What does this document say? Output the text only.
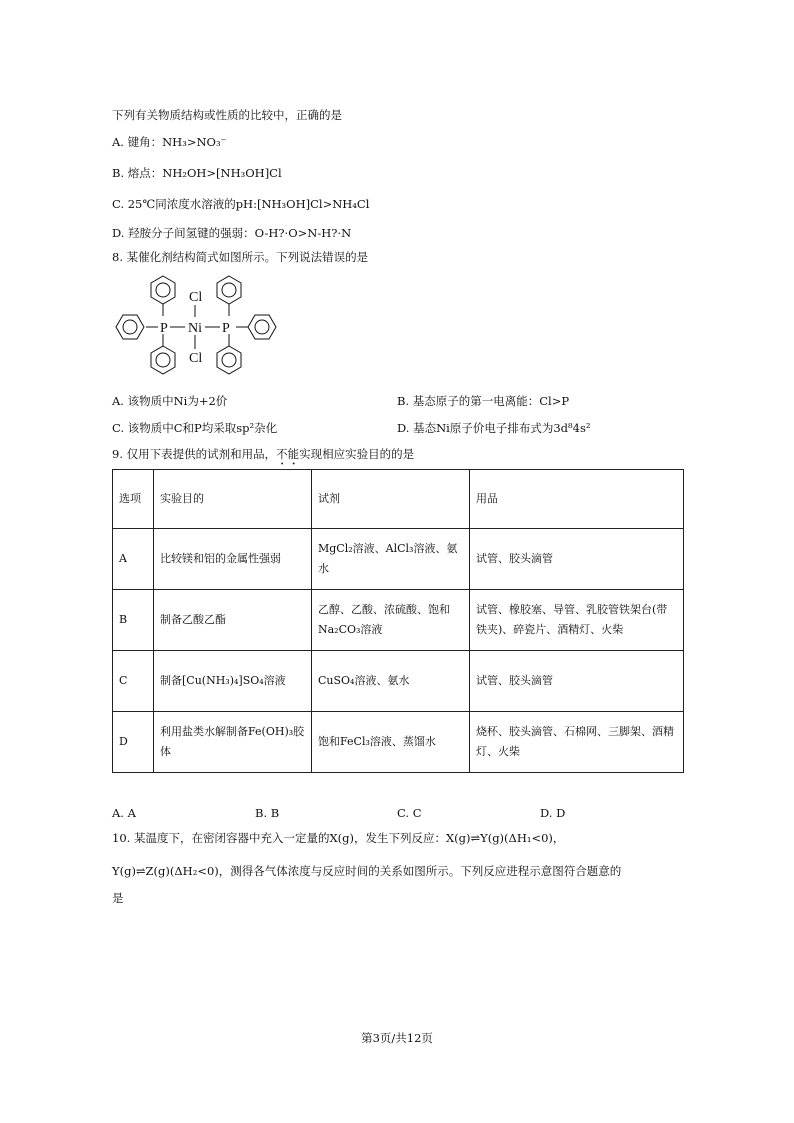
下列有关物质结构或性质的比较中，正确的是
A. 键角：NH₃>NO₃⁻
B. 熔点：NH₂OH>[NH₃OH]Cl
C. 25℃同浓度水溶液的pH:[NH₃OH]Cl>NH₄Cl
D. 羟胺分子间氢键的强弱：O-H?·O>N-H?·N
8. 某催化剂结构简式如图所示。下列说法错误的是
Ni
Cl
Cl
P	P
A. 该物质中Ni为+2价	B. 基态原子的第一电离能：Cl>P
C. 该物质中C和P均采取sp²杂化	D. 基态Ni原子价电子排布式为3d⁸4s²
9. 仅用下表提供的试剂和用品，不能实现相应实验目的的是
选项	实验目的	试剂	用品
A	比较镁和铝的金属性强弱	MgCl₂溶液、AlCl₃溶液、氨水	试管、胶头滴管
B	制备乙酸乙酯	乙醇、乙酸、浓硫酸、饱和Na₂CO₃溶液	试管、橡胶塞、导管、乳胶管铁架台(带铁夹)、碎瓷片、酒精灯、火柴
C	制备[Cu(NH₃)₄]SO₄溶液	CuSO₄溶液、氨水	试管、胶头滴管
D	利用盐类水解制备Fe(OH)₃胶体	饱和FeCl₃溶液、蒸馏水	烧杯、胶头滴管、石棉网、三脚架、酒精灯、火柴
A. A	B. B	C. C	D. D
10. 某温度下，在密闭容器中充入一定量的X(g)，发生下列反应：X(g)⇌Y(g)(ΔH₁<0)，
Y(g)⇌Z(g)(ΔH₂<0)，测得各气体浓度与反应时间的关系如图所示。下列反应进程示意图符合题意的
是
第3页/共12页
